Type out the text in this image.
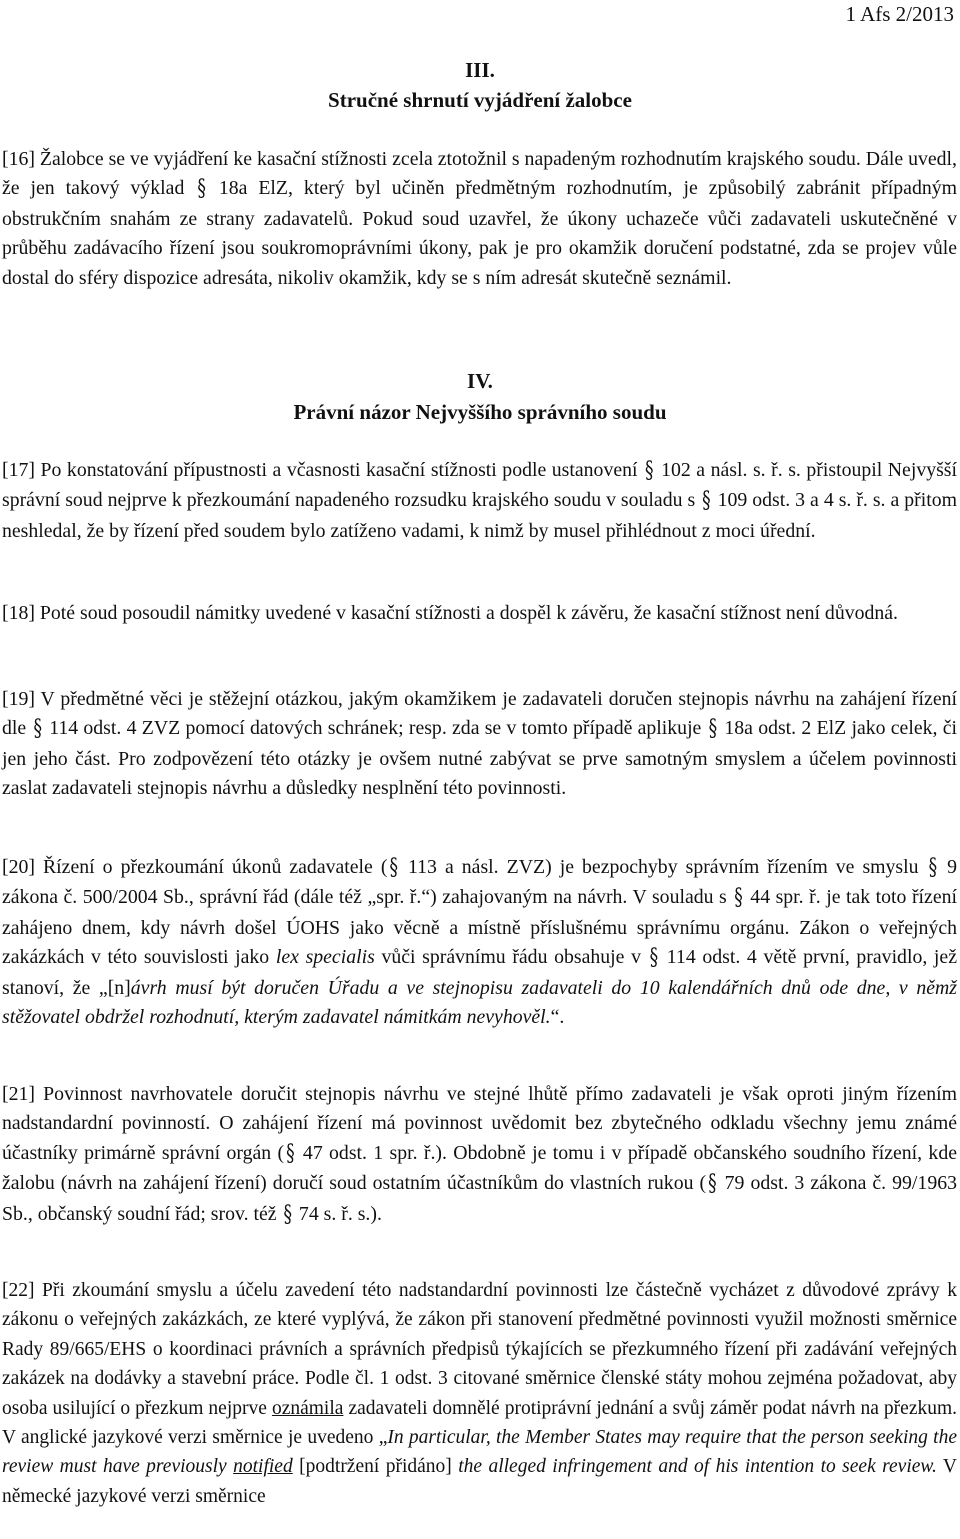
1 Afs 2/2013
III.
Stručné shrnutí vyjádření žalobce
[16] Žalobce se ve vyjádření ke kasační stížnosti zcela ztotožnil s napadeným rozhodnutím krajského soudu. Dále uvedl, že jen takový výklad § 18a ElZ, který byl učiněn předmětným rozhodnutím, je způsobilý zabránit případným obstrukčním snahám ze strany zadavatelů. Pokud soud uzavřel, že úkony uchazeče vůči zadavateli uskutečněné v průběhu zadávacího řízení jsou soukromoprávními úkony, pak je pro okamžik doručení podstatné, zda se projev vůle dostal do sféry dispozice adresáta, nikoliv okamžik, kdy se s ním adresát skutečně seznámil.
IV.
Právní názor Nejvyššího správního soudu
[17] Po konstatování přípustnosti a včasnosti kasační stížnosti podle ustanovení § 102 a násl. s. ř. s. přistoupil Nejvyšší správní soud nejprve k přezkoumání napadeného rozsudku krajského soudu v souladu s § 109 odst. 3 a 4 s. ř. s. a přitom neshledal, že by řízení před soudem bylo zatíženo vadami, k nimž by musel přihlédnout z moci úřední.
[18] Poté soud posoudil námitky uvedené v kasační stížnosti a dospěl k závěru, že kasační stížnost není důvodná.
[19] V předmětné věci je stěžejní otázkou, jakým okamžikem je zadavateli doručen stejnopis návrhu na zahájení řízení dle § 114 odst. 4 ZVZ pomocí datových schránek; resp. zda se v tomto případě aplikuje § 18a odst. 2 ElZ jako celek, či jen jeho část. Pro zodpovězení této otázky je ovšem nutné zabývat se prve samotným smyslem a účelem povinnosti zaslat zadavateli stejnopis návrhu a důsledky nesplnění této povinnosti.
[20] Řízení o přezkoumání úkonů zadavatele ( § 113 a násl. ZVZ) je bezpochyby správním řízením ve smyslu § 9 zákona č. 500/2004 Sb., správní řád (dále též „spr. ř.“) zahajovaným na návrh. V souladu s § 44 spr. ř. je tak toto řízení zahájeno dnem, kdy návrh došel ÚOHS jako věcně a místně příslušnému správnímu orgánu. Zákon o veřejných zakázkách v této souvislosti jako lex specialis vůči správnímu řádu obsahuje v § 114 odst. 4 větě první, pravidlo, jež stanoví, že „[n]ávrh musí být doručen Úřadu a ve stejnopisu zadavateli do 10 kalendářních dnů ode dne, v němž stěžovatel obdržel rozhodnutí, kterým zadavatel námitkám nevyhověl.“.
[21] Povinnost navrhovatele doručit stejnopis návrhu ve stejné lhůtě přímo zadavateli je však oproti jiným řízením nadstandardní povinností. O zahájení řízení má povinnost uvědomit bez zbytečného odkladu všechny jemu známé účastníky primárně správní orgán ( § 47 odst. 1 spr. ř.). Obdobně je tomu i v případě občanského soudního řízení, kde žalobu (návrh na zahájení řízení) doručí soud ostatním účastníkům do vlastních rukou ( § 79 odst. 3 zákona č. 99/1963 Sb., občanský soudní řád; srov. též § 74 s. ř. s.).
[22] Při zkoumání smyslu a účelu zavedení této nadstandardní povinnosti lze částečně vycházet z důvodové zprávy k zákonu o veřejných zakázkách, ze které vyplývá, že zákon při stanovení předmětné povinnosti využil možnosti směrnice Rady 89/665/EHS o koordinaci právních a správních předpisů týkajících se přezkumného řízení při zadávání veřejných zakázek na dodávky a stavební práce. Podle čl. 1 odst. 3 citované směrnice členské státy mohou zejména požadovat, aby osoba usilující o přezkum nejprve oznámila zadavateli domnělé protiprávní jednání a svůj záměr podat návrh na přezkum. V anglické jazykové verzi směrnice je uvedeno „In particular, the Member States may require that the person seeking the review must have previously notified [podtržení přidáno] the alleged infringement and of his intention to seek review. V německé jazykové verzi směrnice
